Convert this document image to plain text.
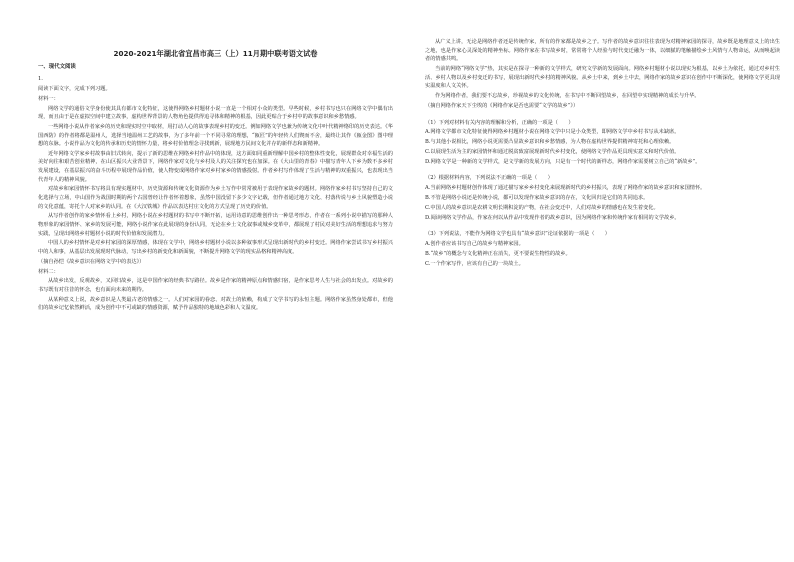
2020-2021年湖北省宜昌市高三（上）11月期中联考语文试卷
一、现代文阅读

1.

阅读下面文字，完成下列习题。

材料一：

网络文学的通俗文学身份使其具有都市文化特征，这使得网络乡村题材小说一直是一个相对小众的类型。早些时候，乡村书写也只在网络文学中偶有出现，而且由于是在虚拟空间中建立故事，虚构世界背景的人物角色提供得追寻体和精神的根基，因此更贴合于乡村中的故事意识和乡愁情感。

一些网络小说从作者家乡的历史和现实时空中取材，用打动人心的故事表现乡村的变迁。例如网络文学也兼为传统文化中叶代精神烙印的历史表达。《华国西防》的作者将都是温州人，选择当地温州工艺的故事，为了多年前一个不同寻常的理想，“瓯匠”的年轻传人们锲而不舍，最终让其作《瓯金图》图中理想的东脉。小说作品为文化的传承和历史的情怀力量，将乡村价值理念寻找到新，展现地方民间文化并存的新样态和新精神。

近年网络文学家乡村故事由旧式转向，提示了新的思维在网络乡村作品中的体现，这方面如同重新理解中国乡村的整体性变化，展现群众对幸福生活的美好向往和艰苦创业精神，在山区振兴大业背景下，网络作家对文化与乡村及人的关注探究也在加深。在《大山里的青春》中描写青年人下乡为数不多乡村发展建设，在基层振兴的奋斗历程中展现作品价值，使人物变成网络作家对乡村家乡的情感投射。作者乡村写作体现了生活与精神的双重振兴，也表现出当代青年人的精神风貌。

对故乡和家园情怀书写将具有现实题材中，历史资源和传统文化资源作为乡土写作中常常被用于表现作家故乡的题材。网络作家乡村书写坚持自己的文化选择与立场，中山国作为战国时期的两个古国曾经让作者怀着想象，虽然中国没留下多少文字记载，但作者通过地方文化、村落传说与乡土风貌塑造小说的文化意蕴，寄托个人对家乡的认同。在《大汉铁城》作品以表达村庄文化的方式呈现了历史的价值。

从写作者创作的家乡情怀看上乡村，网络小说在乡村题材的书写中不断开拓，运用诗意的思维创作出一种思考形态，作者在一系列小说中描写的那种人物形象的家园情怀、家乡的发展可能，网络小说作家在此展现的身份认同，无论在乡土文化叙事或城乡变革中，都展现了村民对美好生活的理想追求与努力实践，呈现出网络乡村题材小说的时代价值和发展潜力。

中国人的乡村情怀是对乡村家园的深厚情感，体现在文学中，网络乡村题材小说以多种叙事形式呈现出新时代的乡村变迁。网络作家尝试书写乡村振兴中的人和事，从基层出发展现时代脉动，写出乡村的新变化和新面貌，不断提升网络文学的现实品格和精神高度。

（摘自孙恺《故乡意识在网络文学中的表达》）

材料二：

从故乡出发，反观故乡，又回归故乡，这是中国作家的经典书写路径。故乡是作家的精神原点和情感归宿，是作家思考人生与社会的出发点。对故乡的书写既有对往昔的怀念，也有面向未来的期待。

从某种意义上说，故乡意识是人类最古老的情感之一。人们对家园的眷恋、对故土的依赖，构成了文学书写的永恒主题。网络作家虽然身处都市，但他们的故乡记忆依然鲜活，成为创作中不可或缺的情感资源，赋予作品独特的地域色彩和人文温度。

从广义上讲，无论是网络作者还是传统作家，所有的作家都是故乡之子。写作者的故乡意识往往表现为对精神家园的探寻，故乡既是地理意义上的出生之地，也是作家心灵深处的精神坐标。网络作家在书写故乡时，常常将个人经验与时代变迁融为一体，以细腻的笔触描绘乡土风情与人物命运，从而唤起读者的情感共鸣。

当前的网络“网络文学”热，其实是在探寻一种新的文学样式，研究文学新的发展面向。网络乡村题材小说以现实为根基，以乡土为依托，通过对乡村生活、乡村人物以及乡村变迁的书写，展现出新时代乡村的精神风貌。从乡土中来，到乡土中去，网络作家的故乡意识在创作中不断深化，使网络文学更具现实温度和人文关怀。

作为网络作者，我们要不忘故乡，珍视故乡的文化传统，在书写中不断回望故乡，在回望中实现精神的成长与升华。

（摘自网络作家天下尘埃的《网络作家是否也需要“文学的故乡”》）

（1）下列对材料有关内容的理解和分析，正确的一项是（　　）

A.网络文学都市文化特征使得网络乡村题材小说在网络文学中只是小众类型，即网络文学中乡村书写从未缺席。

B.与其他小说相比，网络小说更需要凸显故乡意识和乡愁情感，为人物在虚构世界提供精神寄托和心理依赖。

C.以展现生活为主的家园情怀和通过脱贫致富展现新时代乡村变化，使网络文学作品更具现实意义和时代价值。

D.网络文学是一种新的文学样式，是文学新的发展方向，只是有一个时代的新样态，网络作家需要树立自己的“新故乡”。

（2）根据材料内容，下列说法不正确的一项是（　　）

A.当前网络乡村题材创作体现了通过描写家乡乡村变化来展现新时代的乡村振兴，表现了网络作家的故乡意识和家国情怀。

B.不管是网络小说还是传统小说，都可以发现作家故乡意识的存在，文化回归是它们的共同追求。

C.中国人的故乡意识是农耕文明长期积淀的产物，在社会变迁中，人们对故乡的情感也在发生着变化。

D.阅读网络文学作品，作家在何以从作品中发现作者的故乡意识，因为网络作家和传统作家有相同的文学故乡。

（3）下列说法，不能作为网络文学也具有“故乡意识”论证依据的一项是（　　）

A.创作者应该书写自己的故乡与精神家园。

B.“故乡”的概念与文化精神正在消失，更不要说生物性的故乡。

C.一个作家写作，应该有自己的一块故土。
